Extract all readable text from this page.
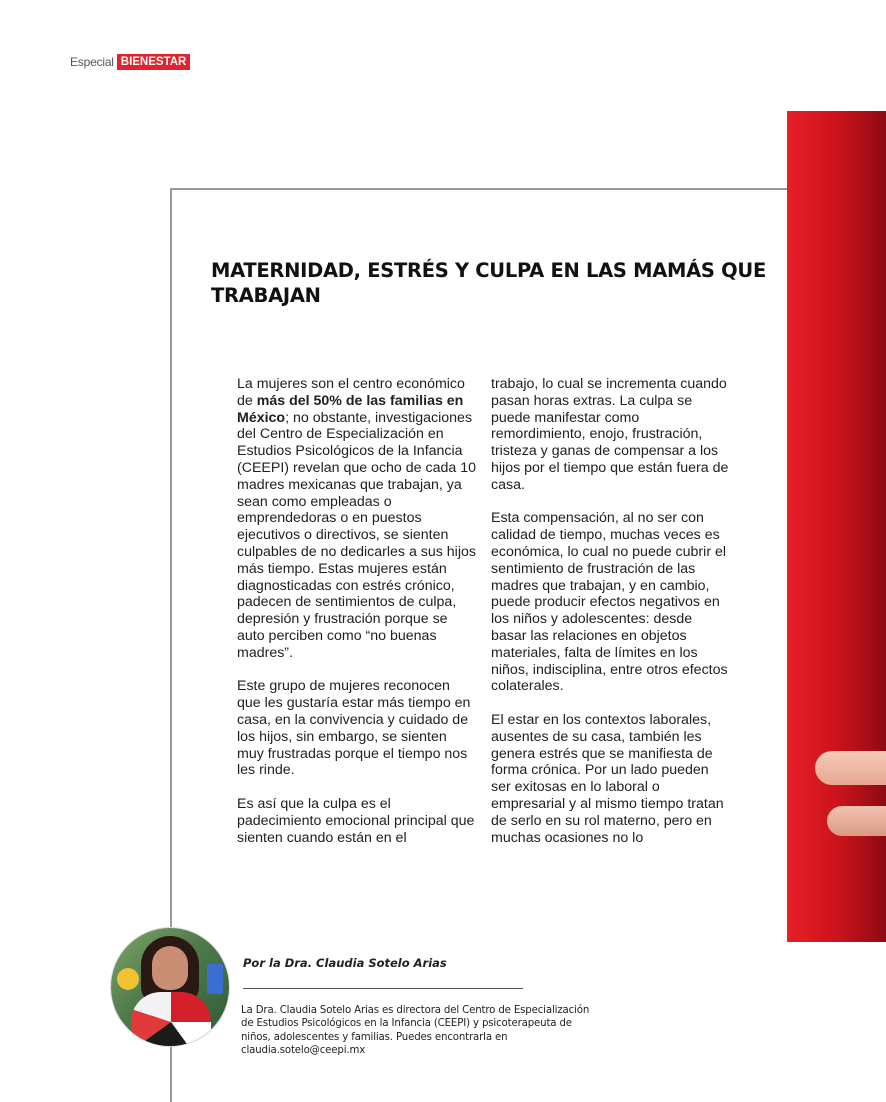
Especial BIENESTAR
MATERNIDAD, ESTRÉS Y CULPA EN LAS MAMÁS QUE TRABAJAN

La mujeres son el centro económico de más del 50% de las familias en México; no obstante, investigaciones del Centro de Especialización en Estudios Psicológicos de la Infancia (CEEPI) revelan que ocho de cada 10 madres mexicanas que trabajan, ya sean como empleadas o emprendedoras o en puestos ejecutivos o directivos, se sienten culpables de no dedicarles a sus hijos más tiempo. Estas mujeres están diagnosticadas con estrés crónico, padecen de sentimientos de culpa, depresión y frustración porque se auto perciben como “no buenas madres”.

Este grupo de mujeres reconocen que les gustaría estar más tiempo en casa, en la convivencia y cuidado de los hijos, sin embargo, se sienten muy frustradas porque el tiempo nos les rinde.

Es así que la culpa es el padecimiento emocional principal que sienten cuando están en el

trabajo, lo cual se incrementa cuando pasan horas extras. La culpa se puede manifestar como remordimiento, enojo, frustración, tristeza y ganas de compensar a los hijos por el tiempo que están fuera de casa.

Esta compensación, al no ser con calidad de tiempo, muchas veces es económica, lo cual no puede cubrir el sentimiento de frustración de las madres que trabajan, y en cambio, puede producir efectos negativos en los niños y adolescentes: desde basar las relaciones en objetos materiales, falta de límites en los niños, indisciplina, entre otros efectos colaterales.

El estar en los contextos laborales, ausentes de su casa, también les genera estrés que se manifiesta de forma crónica. Por un lado pueden ser exitosas en lo laboral o empresarial y al mismo tiempo tratan de serlo en su rol materno, pero en muchas ocasiones no lo

Por la Dra. Claudia Sotelo Arias

La Dra. Claudia Sotelo Arias es directora del Centro de Especialización de Estudios Psicológicos en la Infancia (CEEPI) y psicoterapeuta de niños, adolescentes y familias. Puedes encontrarla en claudia.sotelo@ceepi.mx
